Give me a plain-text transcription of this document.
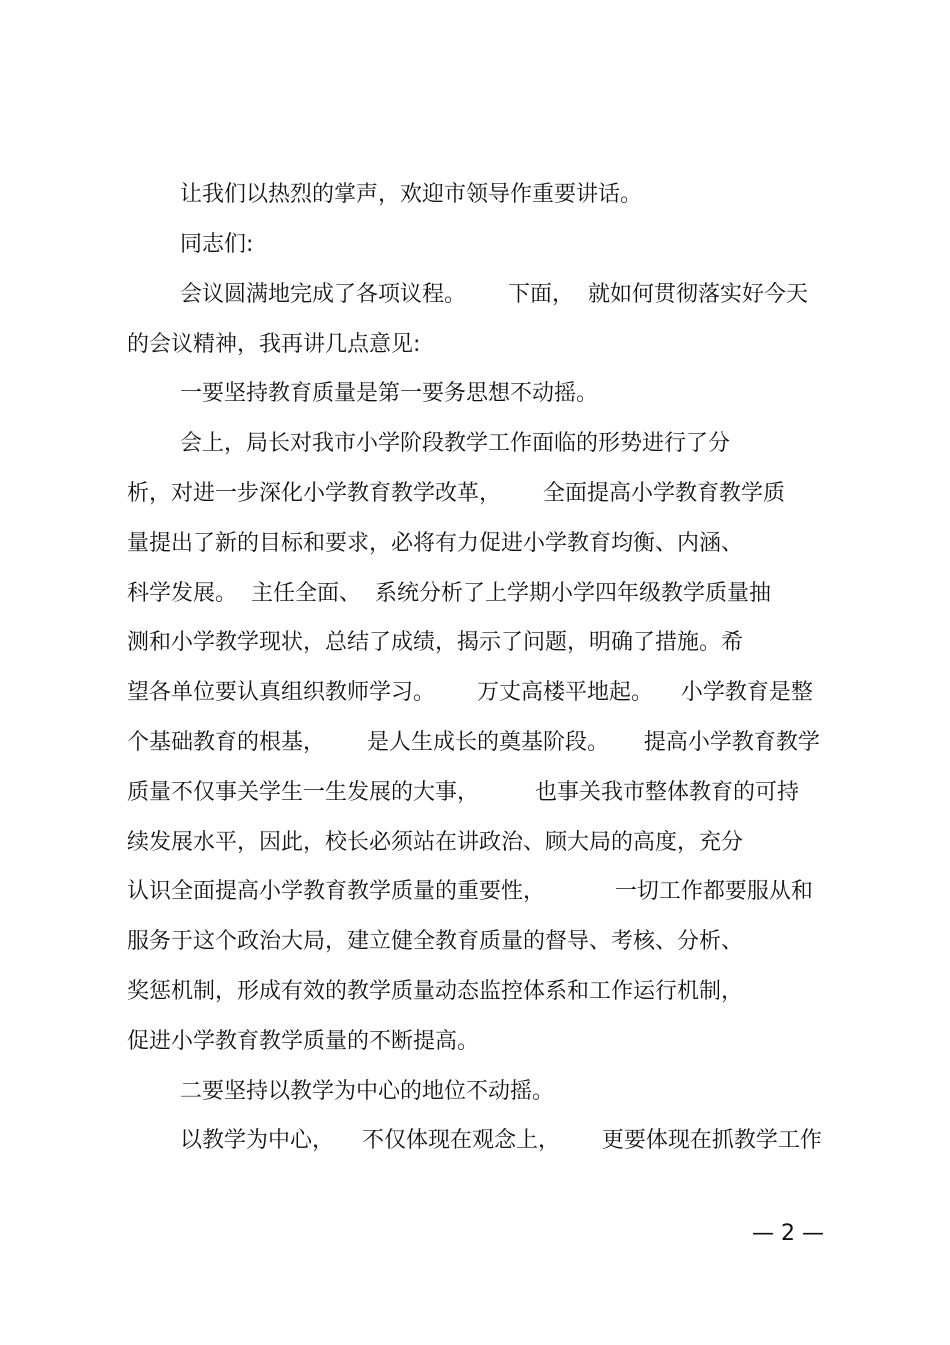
让我们以热烈的掌声，欢迎市领导作重要讲话。
同志们:
会议圆满地完成了各项议程。      下面，  就如何贯彻落实好今天
的会议精神，我再讲几点意见:
一要坚持教育质量是第一要务思想不动摇。
会上，局长对我市小学阶段教学工作面临的形势进行了分
析，对进一步深化小学教育教学改革，      全面提高小学教育教学质
量提出了新的目标和要求，必将有力促进小学教育均衡、内涵、
科学发展。  主任全面、  系统分析了上学期小学四年级教学质量抽
测和小学教学现状，总结了成绩，揭示了问题，明确了措施。希
望各单位要认真组织教师学习。      万丈高楼平地起。    小学教育是整
个基础教育的根基，      是人生成长的奠基阶段。     提高小学教育教学
质量不仅事关学生一生发展的大事，        也事关我市整体教育的可持
续发展水平，因此，校长必须站在讲政治、顾大局的高度，充分
认识全面提高小学教育教学质量的重要性，          一切工作都要服从和
服务于这个政治大局，建立健全教育质量的督导、考核、分析、
奖惩机制，形成有效的教学质量动态监控体系和工作运行机制，
促进小学教育教学质量的不断提高。
二要坚持以教学为中心的地位不动摇。
以教学为中心，    不仅体现在观念上，      更要体现在抓教学工作
— 2 —
